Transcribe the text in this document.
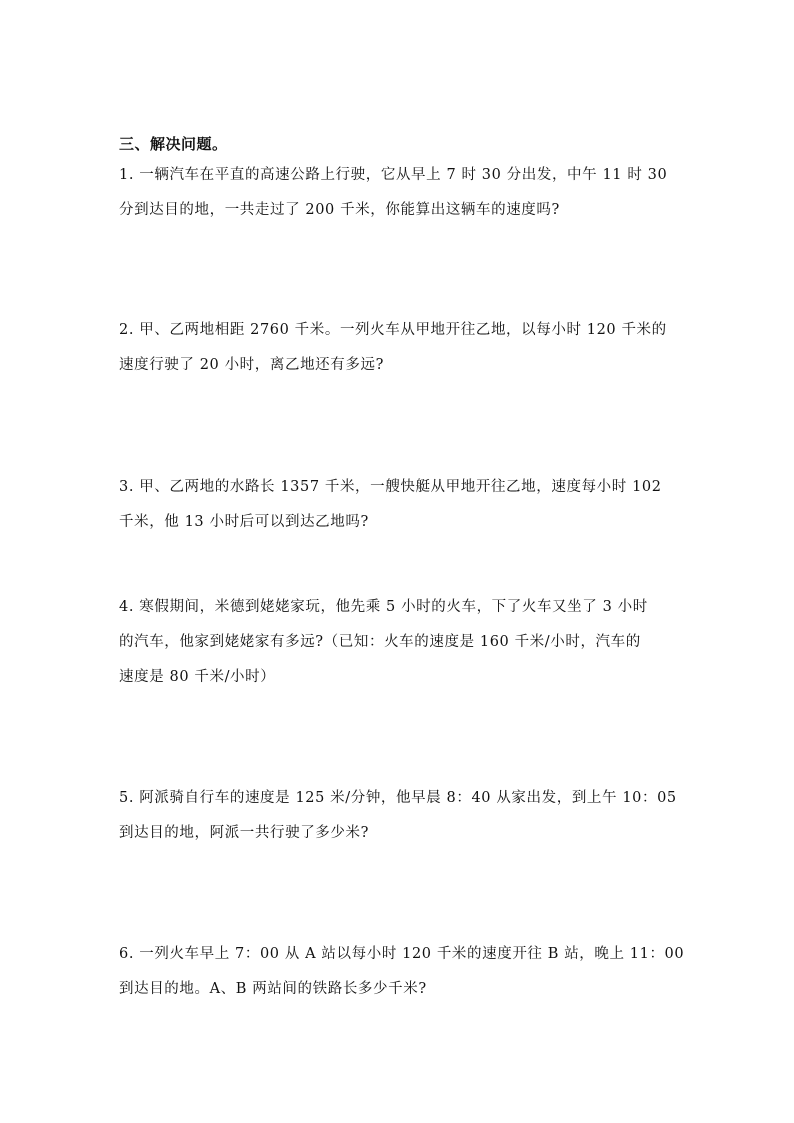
三、解决问题。
1. 一辆汽车在平直的高速公路上行驶，它从早上 7 时 30 分出发，中午 11 时 30
分到达目的地，一共走过了 200 千米，你能算出这辆车的速度吗?
2. 甲、乙两地相距 2760 千米。一列火车从甲地开往乙地，以每小时 120 千米的
速度行驶了 20 小时，离乙地还有多远?
3. 甲、乙两地的水路长 1357 千米，一艘快艇从甲地开往乙地，速度每小时 102
千米，他 13 小时后可以到达乙地吗?
4. 寒假期间，米德到姥姥家玩，他先乘 5 小时的火车，下了火车又坐了 3 小时
的汽车，他家到姥姥家有多远?（已知：火车的速度是 160 千米/小时，汽车的
速度是 80 千米/小时）
5. 阿派骑自行车的速度是 125 米/分钟，他早晨 8：40 从家出发，到上午 10：05
到达目的地，阿派一共行驶了多少米?
6. 一列火车早上 7：00 从 A 站以每小时 120 千米的速度开往 B 站，晚上 11：00
到达目的地。A、B 两站间的铁路长多少千米?
